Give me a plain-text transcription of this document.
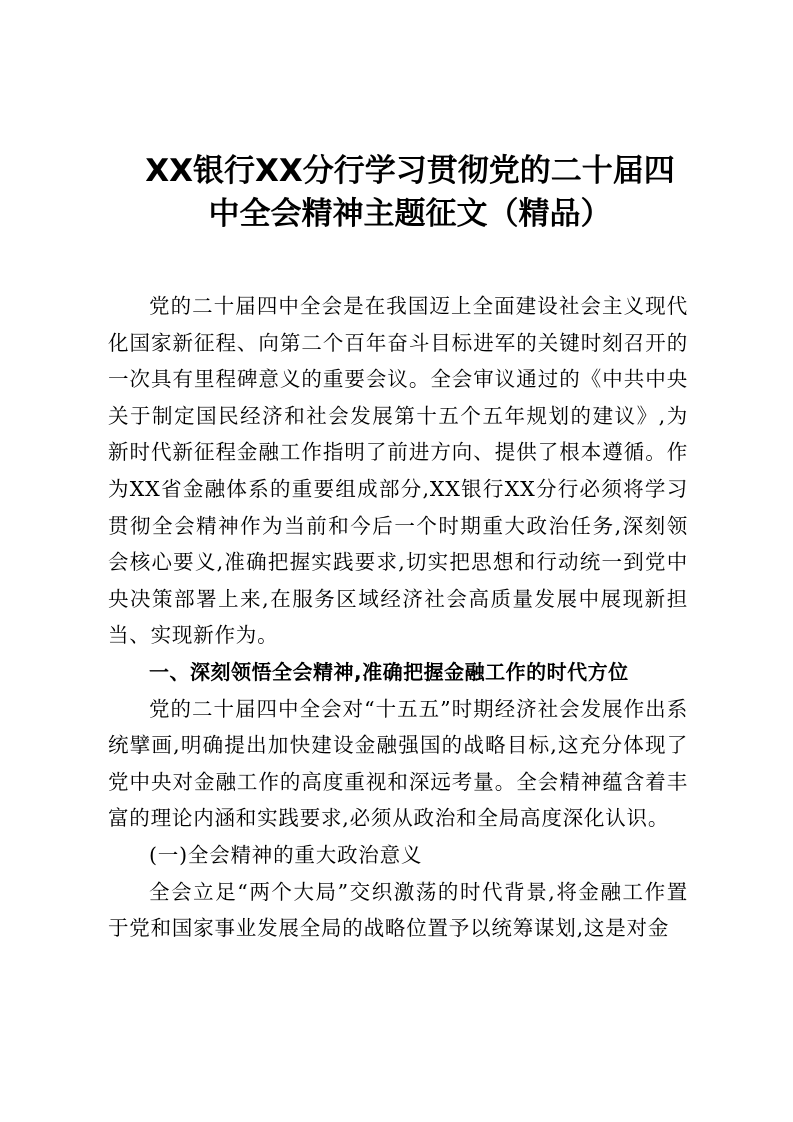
XX银行XX分行学习贯彻党的二十届四
中全会精神主题征文（精品）

党的二十届四中全会是在我国迈上全面建设社会主义现代化国家新征程、向第二个百年奋斗目标进军的关键时刻召开的一次具有里程碑意义的重要会议。全会审议通过的《中共中央关于制定国民经济和社会发展第十五个五年规划的建议》,为新时代新征程金融工作指明了前进方向、提供了根本遵循。作为XX省金融体系的重要组成部分,XX银行XX分行必须将学习贯彻全会精神作为当前和今后一个时期重大政治任务,深刻领会核心要义,准确把握实践要求,切实把思想和行动统一到党中央决策部署上来,在服务区域经济社会高质量发展中展现新担当、实现新作为。

一、深刻领悟全会精神,准确把握金融工作的时代方位

党的二十届四中全会对“十五五”时期经济社会发展作出系统擘画,明确提出加快建设金融强国的战略目标,这充分体现了党中央对金融工作的高度重视和深远考量。全会精神蕴含着丰富的理论内涵和实践要求,必须从政治和全局高度深化认识。

(一)全会精神的重大政治意义

全会立足“两个大局”交织激荡的时代背景,将金融工作置于党和国家事业发展全局的战略位置予以统筹谋划,这是对金
